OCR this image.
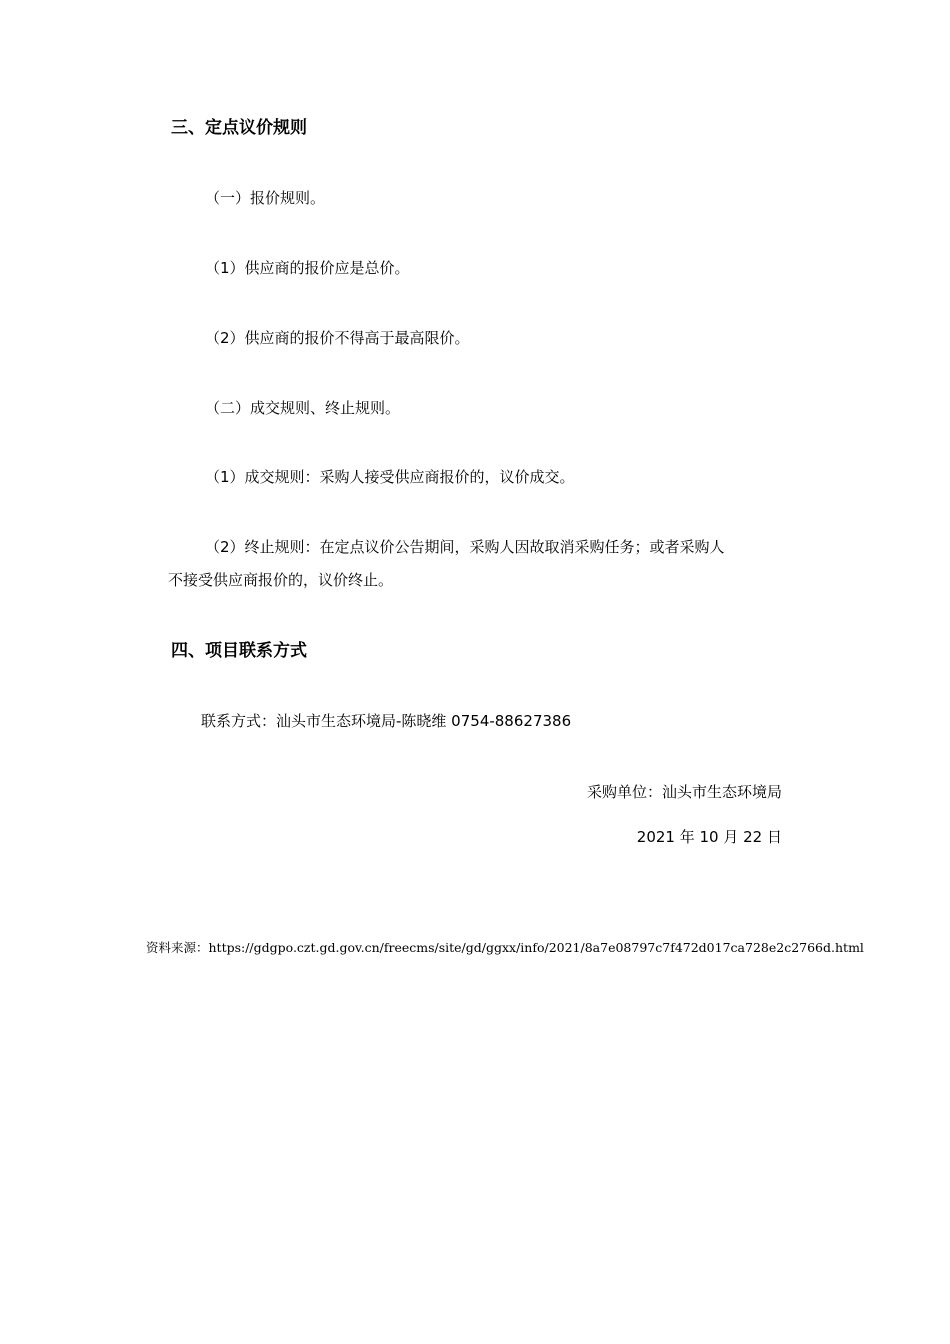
三、定点议价规则
（一）报价规则。
（1）供应商的报价应是总价。
（2）供应商的报价不得高于最高限价。
（二）成交规则、终止规则。
（1）成交规则：采购人接受供应商报价的，议价成交。
（2）终止规则：在定点议价公告期间，采购人因故取消采购任务；或者采购人
不接受供应商报价的，议价终止。
四、项目联系方式
联系方式：汕头市生态环境局-陈晓维 0754-88627386
采购单位：汕头市生态环境局
2021 年 10 月 22 日
资料来源：https://gdgpo.czt.gd.gov.cn/freecms/site/gd/ggxx/info/2021/8a7e08797c7f472d017ca728e2c2766d.html
